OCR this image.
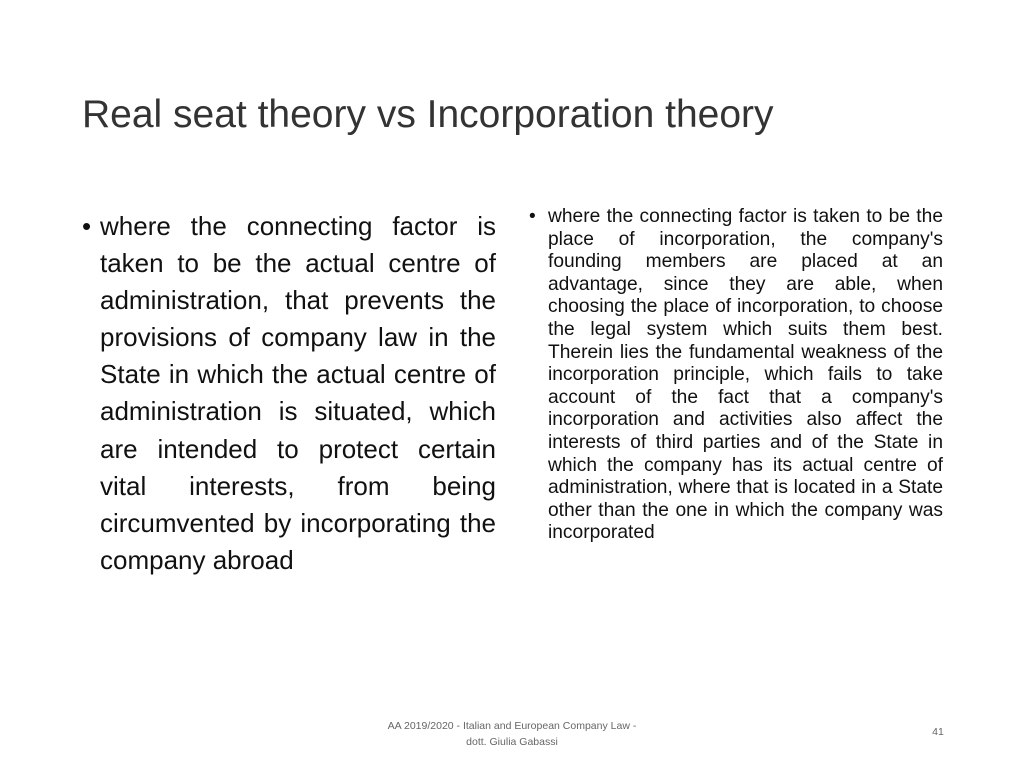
Real seat theory vs Incorporation theory
• where the connecting factor is taken to be the actual centre of administration, that prevents the provisions of company law in the State in which the actual centre of administration is situated, which are intended to protect certain vital interests, from being circumvented by incorporating the company abroad
• where the connecting factor is taken to be the place of incorporation, the company's founding members are placed at an advantage, since they are able, when choosing the place of incorporation, to choose the legal system which suits them best. Therein lies the fundamental weakness of the incorporation principle, which fails to take account of the fact that a company's incorporation and activities also affect the interests of third parties and of the State in which the company has its actual centre of administration, where that is located in a State other than the one in which the company was incorporated
AA 2019/2020 - Italian and European Company Law -
dott. Giulia Gabassi
41
